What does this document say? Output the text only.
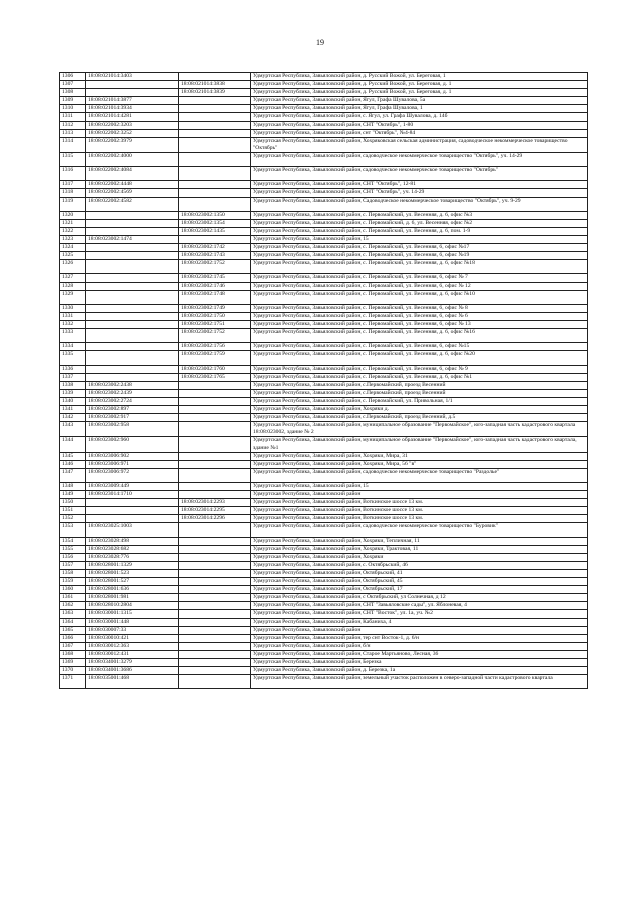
19
1306	18:08:021014:3403		Удмуртская Республика, Завьяловский район, д. Русский Вожой, ул. Береговая, 1
1307		18:08:021014:3838	Удмуртская Республика, Завьяловский район, д. Русский Вожой, ул. Береговая, д. 1
1308		18:08:021014:3839	Удмуртская Республика, Завьяловский район, д. Русский Вожой, ул. Береговая, д. 1
1309	18:08:021014:3877		Удмуртская Республика, Завьяловский район, Ягул, Графа Шувалова, 5а
1310	18:08:021014:3934		Удмуртская Республика, Завьяловский район, Ягул, Графа Шувалова, 1
1311	18:08:021014:4281		Удмуртская Республика, Завьяловский район, с. Ягул, ул. Графа Шувалова, д. 14б
1312	18:08:022002:3203		Удмуртская Республика, Завьяловский район, СНТ "Октябрь", 1-80
1313	18:08:022002:3252		Удмуртская Республика, Завьяловский район, снт "Октябрь", №4-84
1314	18:08:022002:3979		Удмуртская Республика, Завьяловский район, Хохряковская сельская администрация, садоводческое некоммерческое товарищество "Октябрь"
1315	18:08:022002:4000		Удмуртская Республика, Завьяловский район, садоводческое некоммерческое товарищество "Октябрь", уч. 14-29
1316	18:08:022002:4084		Удмуртская Республика, Завьяловский район, садоводческое некоммерческое товарищество "Октябрь"
1317	18:08:022002:4448		Удмуртская Республика, Завьяловский район, СНТ "Октябрь", 12-81
1318	18:08:022002:4569		Удмуртская Республика, Завьяловский район, СНТ "Октябрь", уч. 14-29
1319	18:08:022002:4582		Удмуртская Республика, Завьяловский район, Садоводческое некоммерческое товарищество "Октябрь", уч. 9-29
1320		18:08:023002:1350	Удмуртская Республика, Завьяловский район, с. Первомайский, ул. Весенняя, д. 6, офис №3
1321		18:08:023002:1354	Удмуртская Республика, Завьяловский район, с. Первомайский, д. 6, ул. Весенняя, офис №2
1322		18:08:023002:1435	Удмуртская Республика, Завьяловский район, с. Первомайский, ул. Весенняя, д. 6, пом. 1-9
1323	18:08:023002:1474		Удмуртская Республика, Завьяловский район, 15
1324		18:08:023002:1742	Удмуртская Республика, Завьяловский район, с. Первомайский, ул. Весенняя, 6, офис №17
1325		18:08:023002:1743	Удмуртская Республика, Завьяловский район, с. Первомайский, ул. Весенняя, 6, офис №19
1326		18:08:023002:1752	Удмуртская Республика, Завьяловский район, с. Первомайский, ул. Весенняя, д. 6, офис №18
1327		18:08:023002:1745	Удмуртская Республика, Завьяловский район, с. Первомайский, ул. Весенняя, 6, офис № 7
1328		18:08:023002:1746	Удмуртская Республика, Завьяловский район, с. Первомайский, ул. Весенняя, 6, офис № 12
1329		18:08:023002:1748	Удмуртская Республика, Завьяловский район, с. Первомайский, ул. Весенняя, д. 6, офис №10
1330		18:08:023002:1749	Удмуртская Республика, Завьяловский район, с. Первомайский, ул. Весенняя, 6, офис № 8
1331		18:08:023002:1750	Удмуртская Республика, Завьяловский район, с. Первомайский, ул. Весенняя, 6, офис № 6
1332		18:08:023002:1751	Удмуртская Республика, Завьяловский район, с. Первомайский, ул. Весенняя, 6, офис № 13
1333		18:08:023002:1752	Удмуртская Республика, Завьяловский район, с. Первомайский, ул. Весенняя, д. 6, офис №16
1334		18:08:023002:1756	Удмуртская Республика, Завьяловский район, с. Первомайский, ул. Весенняя, 6, офис №15
1335		18:08:023002:1759	Удмуртская Республика, Завьяловский район, с. Первомайский, ул. Весенняя, д. 6, офис №20
1336		18:08:023002:1760	Удмуртская Республика, Завьяловский район, с. Первомайский, ул. Весенняя, 6, офис № 9
1337		18:08:023002:1765	Удмуртская Республика, Завьяловский район, с. Первомайский, ул. Весенняя, д. 6, офис №1
1338	18:08:023002:2438		Удмуртская Республика, Завьяловский район, с.Первомайский, проезд Весенний
1339	18:08:023002:2439		Удмуртская Республика, Завьяловский район, с.Первомайский, проезд Весенний
1340	18:08:023002:2724		Удмуртская Республика, Завьяловский район, с. Первомайский, ул. Привольная, 1/1
1341	18:08:023002:897		Удмуртская Республика, Завьяловский район, Хохряки д.
1342	18:08:023002:917		Удмуртская Республика, Завьяловский район, с.Первомайский, проезд Весенний, д.5
1343	18:08:023002:958		Удмуртская Республика, Завьяловский район, муниципальное образование "Первомайское", юго-западная часть кадастрового квартала 18:08:023002, здание № 2
1344	18:08:023002:960		Удмуртская Республика, Завьяловский район, муниципальное образование "Первомайское", юго-западная часть кадастрового квартала, здание №1
1345	18:08:023006:902		Удмуртская Республика, Завьяловский район, Хохряки, Мира, 31
1346	18:08:023006:971		Удмуртская Республика, Завьяловский район, Хохряки, Мира, 56 "в"
1347	18:08:023006:972		Удмуртская Республика, Завьяловский район, садоводческое некоммерческое товарищество "Раздолье"
1348	18:08:023009:449		Удмуртская Республика, Завьяловский район, 15
1349	18:08:023014:1710		Удмуртская Республика, Завьяловский район
1350		18:08:023014:2293	Удмуртская Республика, Завьяловский район, Воткинское шоссе 13 км.
1351		18:08:023014:2295	Удмуртская Республика, Завьяловский район, Воткинское шоссе 13 км.
1352		18:08:023014:2296	Удмуртская Республика, Завьяловский район, Воткинское шоссе 13 км.
1353	18:08:023025:1003		Удмуртская Республика, Завьяловский район, садоводческое некоммерческое товарищество "Буровик"
1354	18:08:023028:498		Удмуртская Республика, Завьяловский район, Хохряки, Тепличная, 11
1355	18:08:023028:682		Удмуртская Республика, Завьяловский район, Хохряки, Трактовая, 11
1356	18:08:023028:776		Удмуртская Республика, Завьяловский район, Хохряки
1357	18:08:028001:1329		Удмуртская Республика, Завьяловский район, с. Октябрьский, 46
1358	18:08:028001:523		Удмуртская Республика, Завьяловский район, Октябрьский, 41
1359	18:08:028001:527		Удмуртская Республика, Завьяловский район, Октябрьский, 45
1360	18:08:028001:636		Удмуртская Республика, Завьяловский район, Октябрьский, 17
1361	18:08:028001:981		Удмуртская Республика, Завьяловский район, с Октябрьский, ул Солнечная, д 12
1362	18:08:028010:2804		Удмуртская Республика, Завьяловский район, СНТ "Завьяловские сады", ул. Яблоневая, 4
1363	18:08:030001:1315		Удмуртская Республика, Завьяловский район, СНТ "Восток", ул. 1а, уч. №2
1364	18:08:030001:448		Удмуртская Республика, Завьяловский район, Кабаниха, 4
1365	18:08:030007:33		Удмуртская Республика, Завьяловский район
1366	18:08:030010:421		Удмуртская Республика, Завьяловский район, тер снт Восток-1, д. 6/н
1367	18:08:030012:363		Удмуртская Республика, Завьяловский район, б/н
1368	18:08:030012:431		Удмуртская Республика, Завьяловский район, Старое Мартьяново, Лесная, 36
1369	18:08:034001:3279		Удмуртская Республика, Завьяловский район, Березка
1370	18:08:034001:3686		Удмуртская Республика, Завьяловский район, д. Березка, 1а
1371	18:08:035001:468		Удмуртская Республика, Завьяловский район, земельный участок расположен в северо-западной части кадастрового квартала
